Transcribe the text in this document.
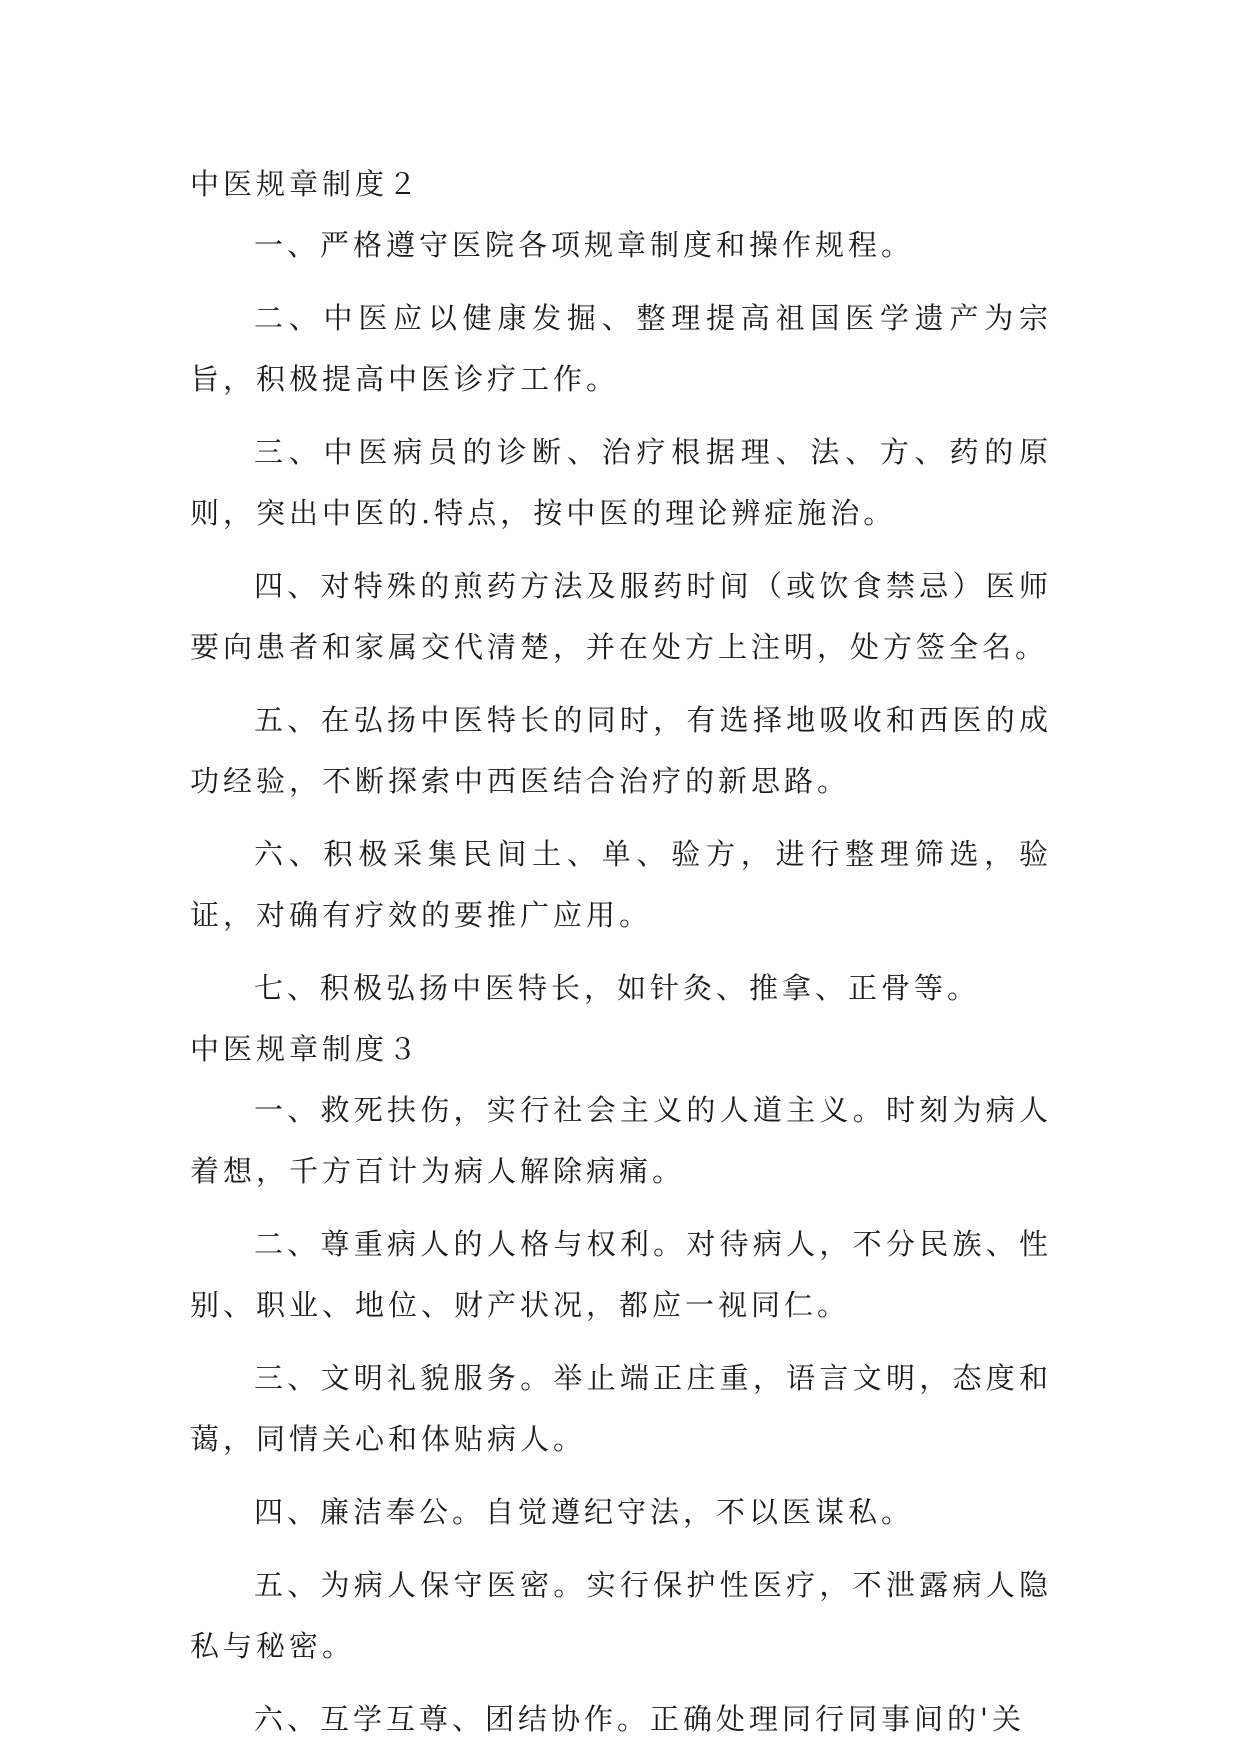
中医规章制度２

一、严格遵守医院各项规章制度和操作规程。

二、中医应以健康发掘、整理提高祖国医学遗产为宗旨，积极提高中医诊疗工作。

三、中医病员的诊断、治疗根据理、法、方、药的原则，突出中医的.特点，按中医的理论辨症施治。

四、对特殊的煎药方法及服药时间（或饮食禁忌）医师要向患者和家属交代清楚，并在处方上注明，处方签全名。

五、在弘扬中医特长的同时，有选择地吸收和西医的成功经验，不断探索中西医结合治疗的新思路。

六、积极采集民间土、单、验方，进行整理筛选，验证，对确有疗效的要推广应用。

七、积极弘扬中医特长，如针灸、推拿、正骨等。

中医规章制度３

一、救死扶伤，实行社会主义的人道主义。时刻为病人着想，千方百计为病人解除病痛。

二、尊重病人的人格与权利。对待病人，不分民族、性别、职业、地位、财产状况，都应一视同仁。

三、文明礼貌服务。举止端正庄重，语言文明，态度和蔼，同情关心和体贴病人。

四、廉洁奉公。自觉遵纪守法，不以医谋私。

五、为病人保守医密。实行保护性医疗，不泄露病人隐私与秘密。

六、互学互尊、团结协作。正确处理同行同事间的'关
